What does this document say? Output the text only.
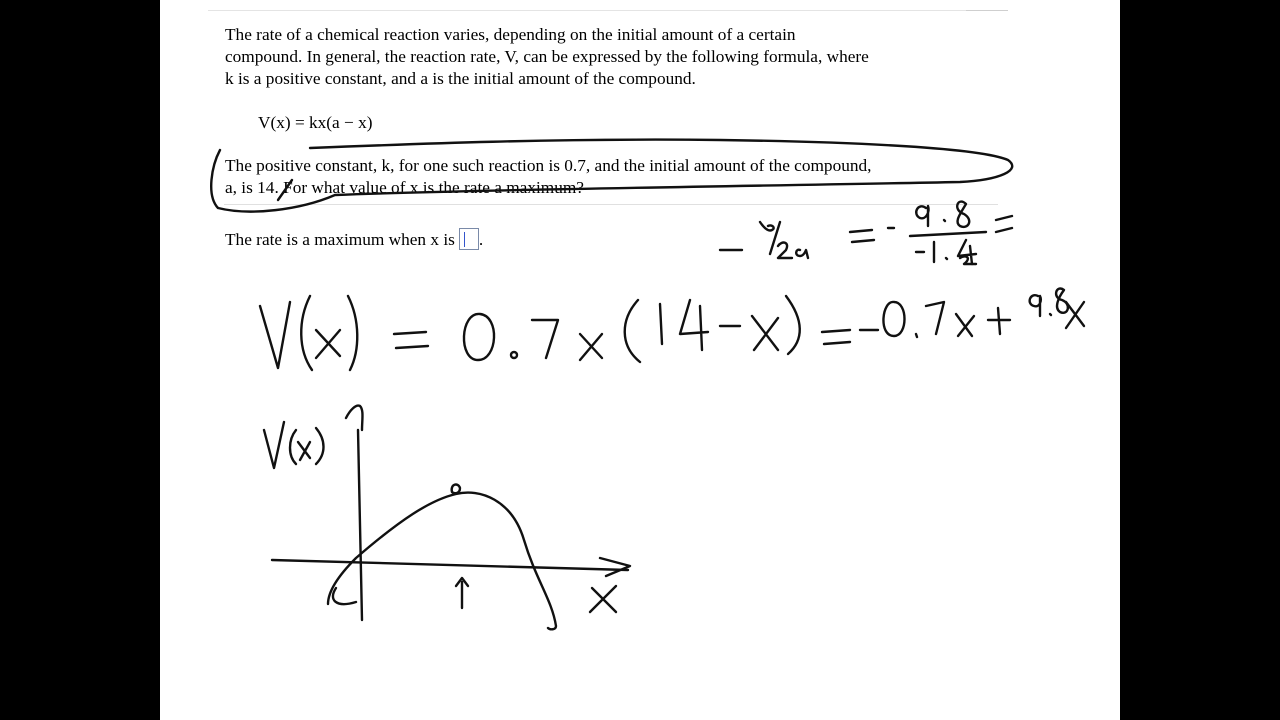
The rate of a chemical reaction varies, depending on the initial amount of a certain
compound. In general, the reaction rate, V, can be expressed by the following formula, where
k is a positive constant, and a is the initial amount of the compound.
V(x) = kx(a − x)
The positive constant, k, for one such reaction is 0.7, and the initial amount of the compound,
a, is 14. For what value of x is the rate a maximum?
The rate is a maximum when x is .
